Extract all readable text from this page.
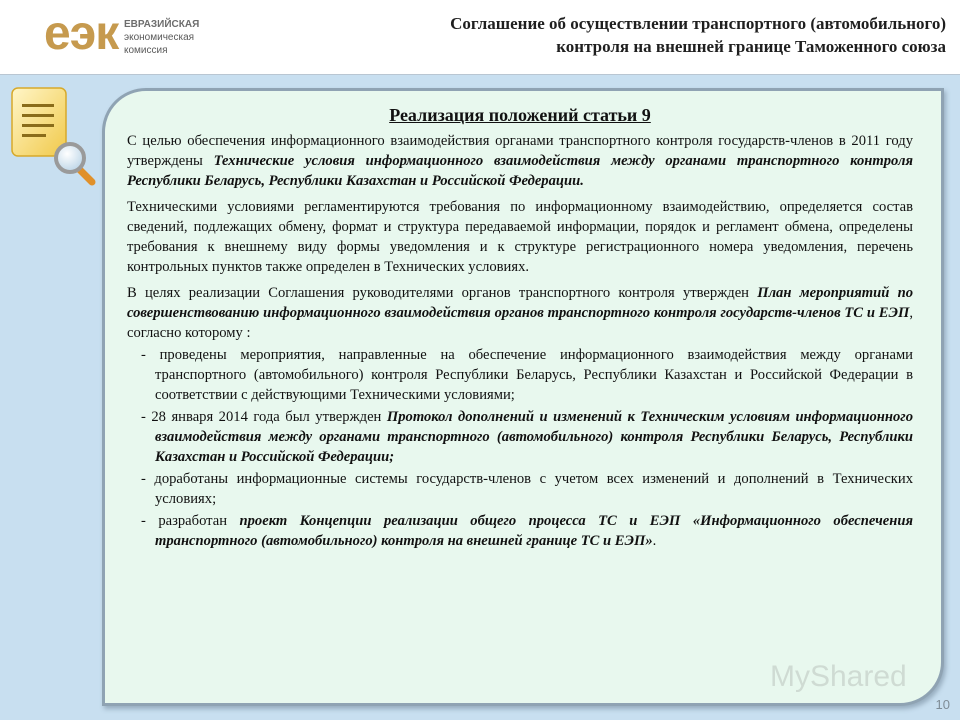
еэк ЕВРАЗИЙСКАЯ
экономическая
комиссия
Соглашение об осуществлении транспортного (автомобильного)
контроля на внешней границе Таможенного союза
Реализация положений статьи 9

С целью обеспечения информационного взаимодействия органами транспортного контроля государств-членов в 2011 году утверждены Технические условия информационного взаимодействия между органами транспортного контроля Республики Беларусь, Республики Казахстан и Российской Федерации.

Техническими условиями регламентируются требования по информационному взаимодействию, определяется состав сведений, подлежащих обмену, формат и структура передаваемой информации, порядок и регламент обмена, определены требования к внешнему виду формы уведомления и к структуре регистрационного номера уведомления, перечень контрольных пунктов также определен в Технических условиях.

В целях реализации Соглашения руководителями органов транспортного контроля утвержден План мероприятий по совершенствованию информационного взаимодействия органов транспортного контроля государств-членов ТС и ЕЭП, согласно которому :

- проведены мероприятия, направленные на обеспечение информационного взаимодействия между органами транспортного (автомобильного) контроля Республики Беларусь, Республики Казахстан и Российской Федерации в соответствии с действующими Техническими условиями;
- 28 января 2014 года был утвержден Протокол дополнений и изменений к Техническим условиям информационного взаимодействия между органами транспортного (автомобильного) контроля Республики Беларусь, Республики Казахстан и Российской Федерации;
- доработаны информационные системы государств-членов с учетом всех изменений и дополнений в Технических условиях;
- разработан проект Концепции реализации общего процесса ТС и ЕЭП «Информационного обеспечения транспортного (автомобильного) контроля на внешней границе ТС и ЕЭП».
MyShared
10
